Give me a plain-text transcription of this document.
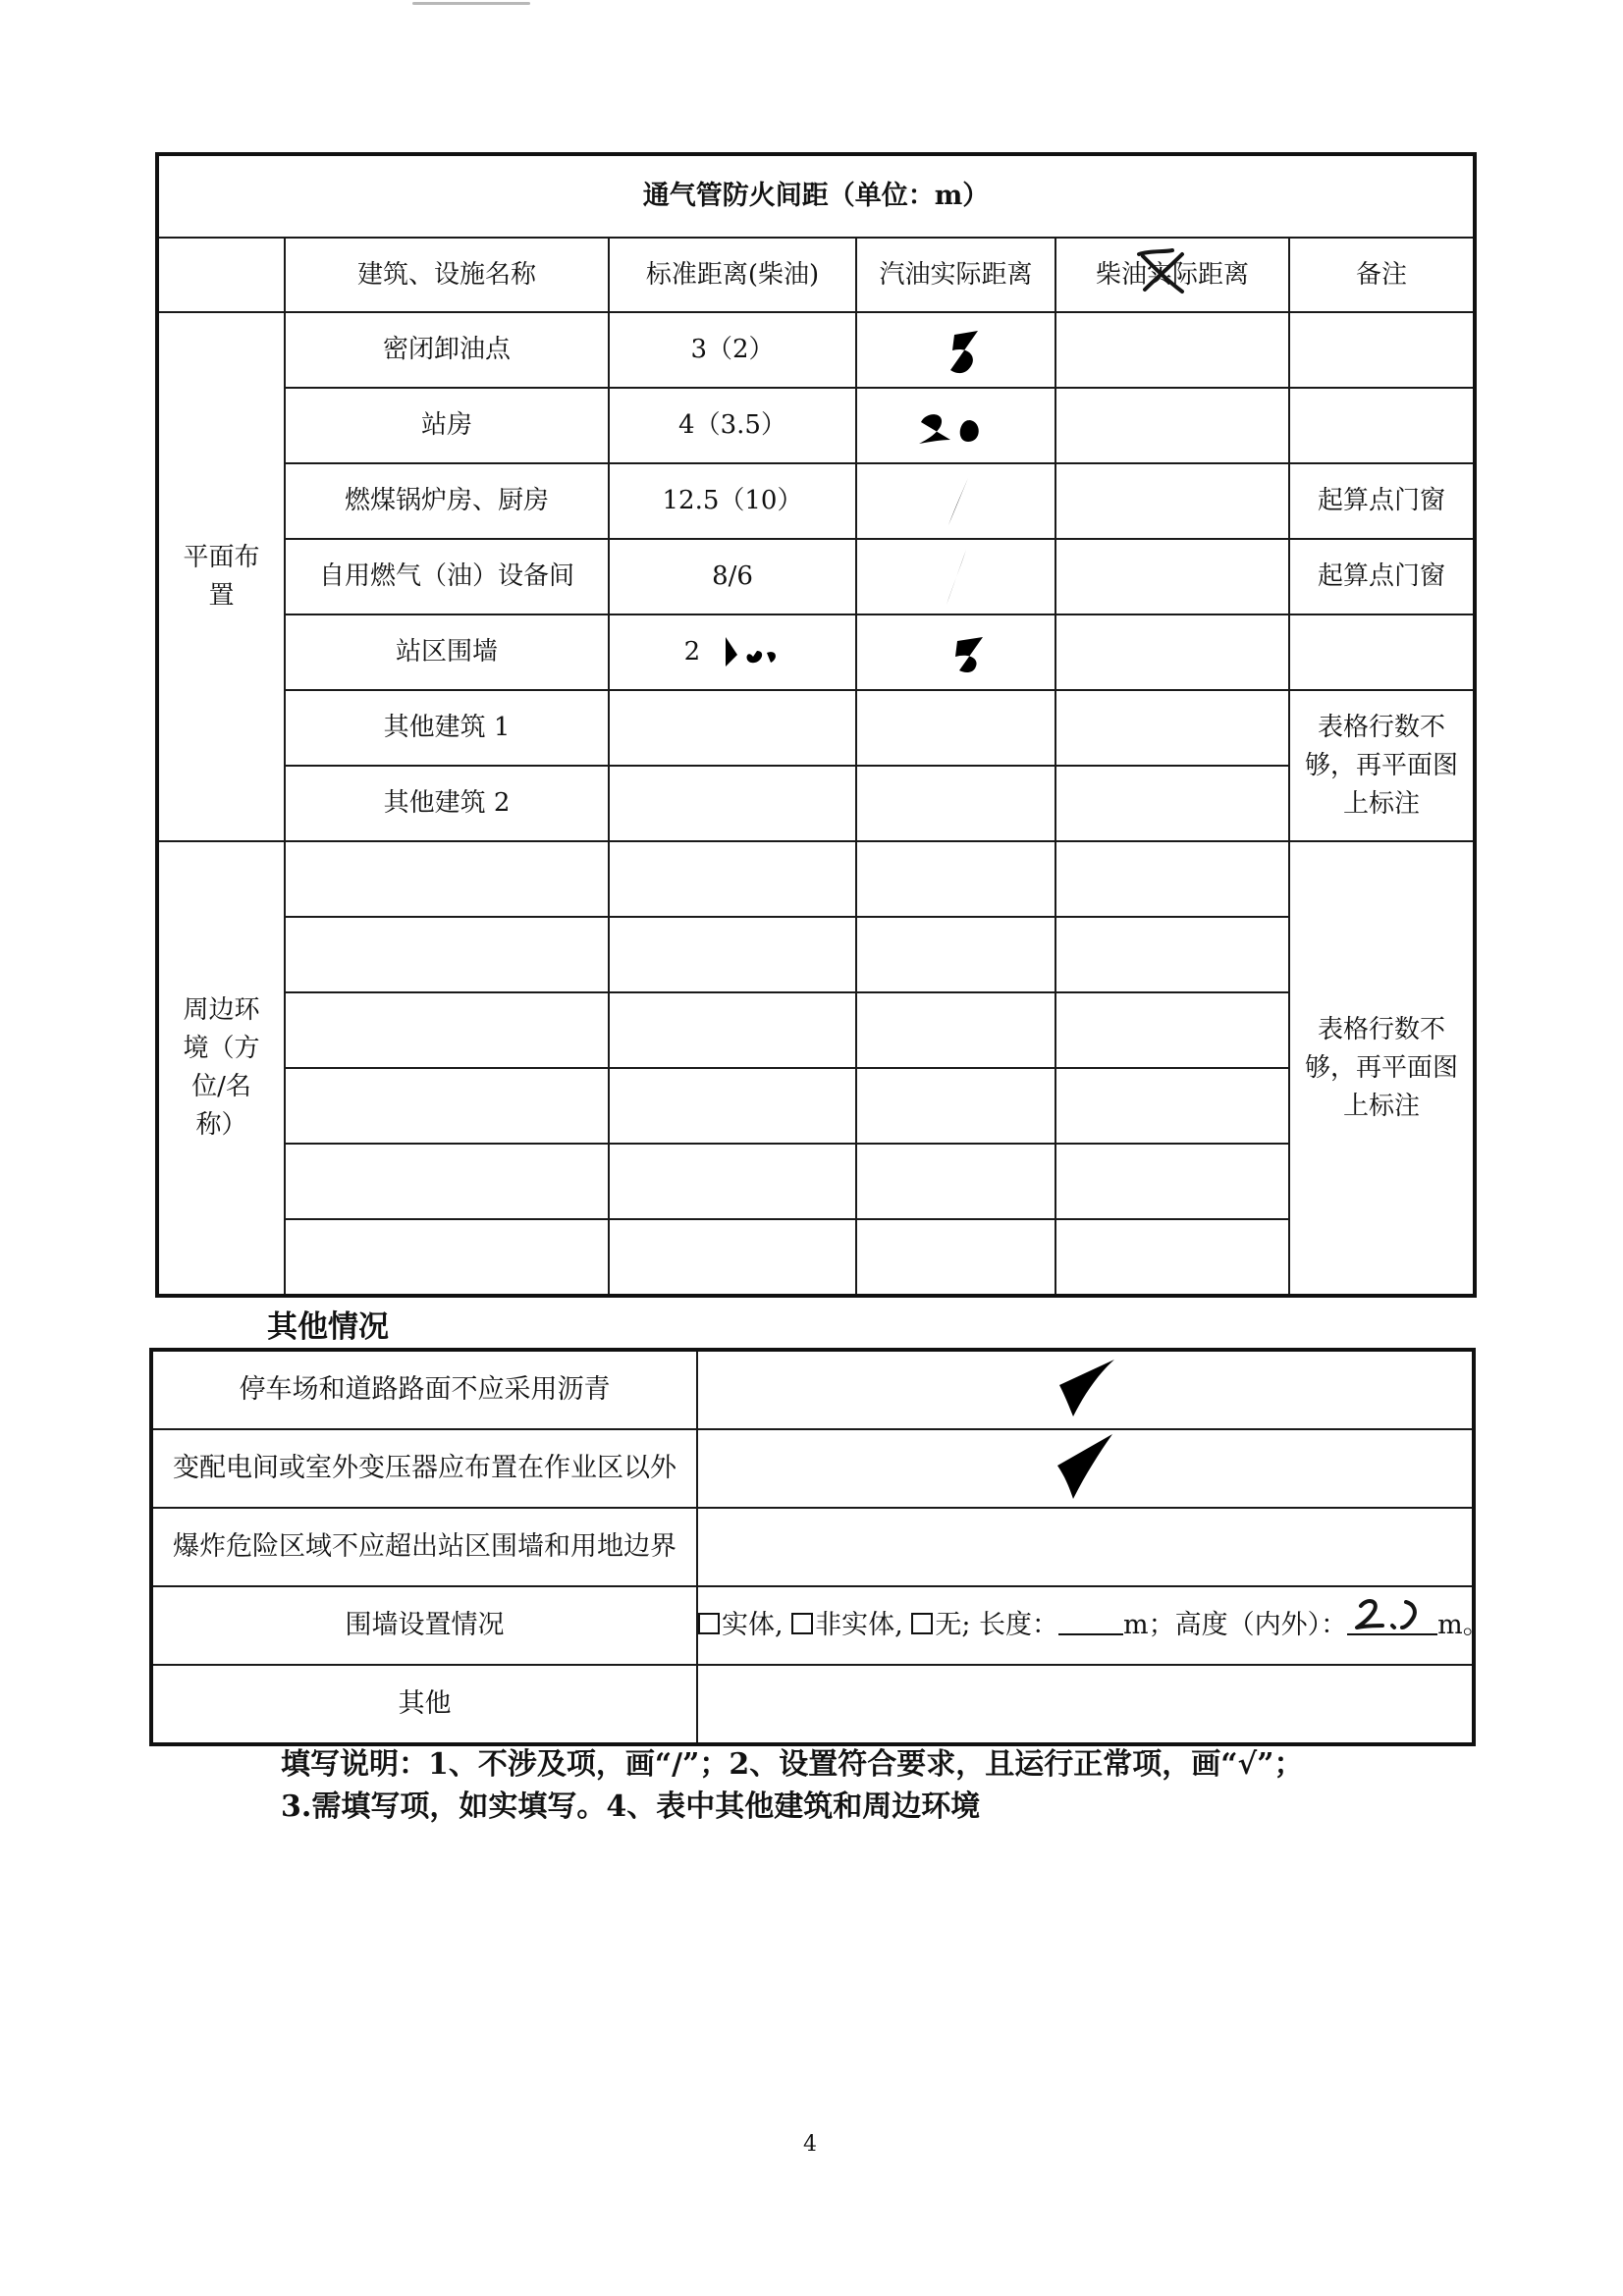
通气管防火间距（单位：m）					
	建筑、设施名称	标准距离(柴油)	汽油实际距离	柴油实际距离	备注

平面布置	密闭卸油点	3（2）	

	站房	4（3.5）	

	燃煤锅炉房、厨房	12.5（10）			起算点门窗
	自用燃气（油）设备间	8/6			起算点门窗
	站区围墙	2	

	其他建筑 1				表格行数不够，再平面图上标注

	其他建筑 2				

周边环境（方位/名称）					表格行数不够，再平面图上标注

其他情况
停车场和道路路面不应采用沥青	

变配电间或室外变压器应布置在作业区以外	

爆炸危险区域不应超出站区围墙和用地边界	
围墙设置情况	实体, 非实体, 无; 长度： m；高度（内外）： m。
其他	
填写说明：1、不涉及项，画“/”；2、设置符合要求，且运行正常项，画“√”；
3.需填写项，如实填写。4、表中其他建筑和周边环境
4
